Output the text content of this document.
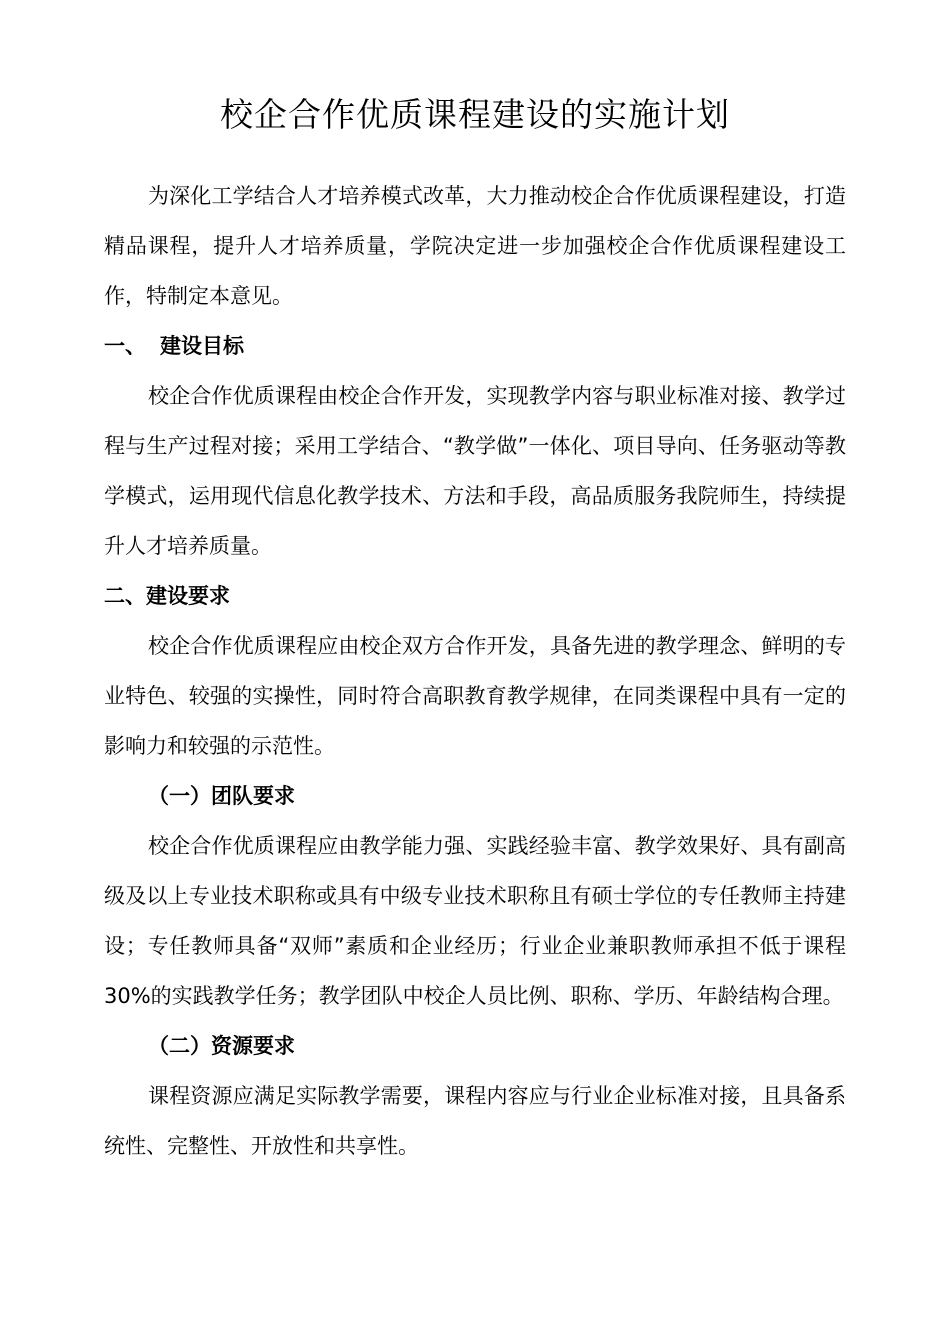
校企合作优质课程建设的实施计划

为深化工学结合人才培养模式改革，大力推动校企合作优质课程建设，打造精品课程，提升人才培养质量，学院决定进一步加强校企合作优质课程建设工作，特制定本意见。

一、 建设目标

校企合作优质课程由校企合作开发，实现教学内容与职业标准对接、教学过程与生产过程对接；采用工学结合、“教学做”一体化、项目导向、任务驱动等教学模式，运用现代信息化教学技术、方法和手段，高品质服务我院师生，持续提升人才培养质量。

二、建设要求

校企合作优质课程应由校企双方合作开发，具备先进的教学理念、鲜明的专业特色、较强的实操性，同时符合高职教育教学规律，在同类课程中具有一定的影响力和较强的示范性。

（一）团队要求

校企合作优质课程应由教学能力强、实践经验丰富、教学效果好、具有副高级及以上专业技术职称或具有中级专业技术职称且有硕士学位的专任教师主持建设；专任教师具备“双师”素质和企业经历；行业企业兼职教师承担不低于课程 30%的实践教学任务；教学团队中校企人员比例、职称、学历、年龄结构合理。

（二）资源要求

课程资源应满足实际教学需要，课程内容应与行业企业标准对接，且具备系统性、完整性、开放性和共享性。
